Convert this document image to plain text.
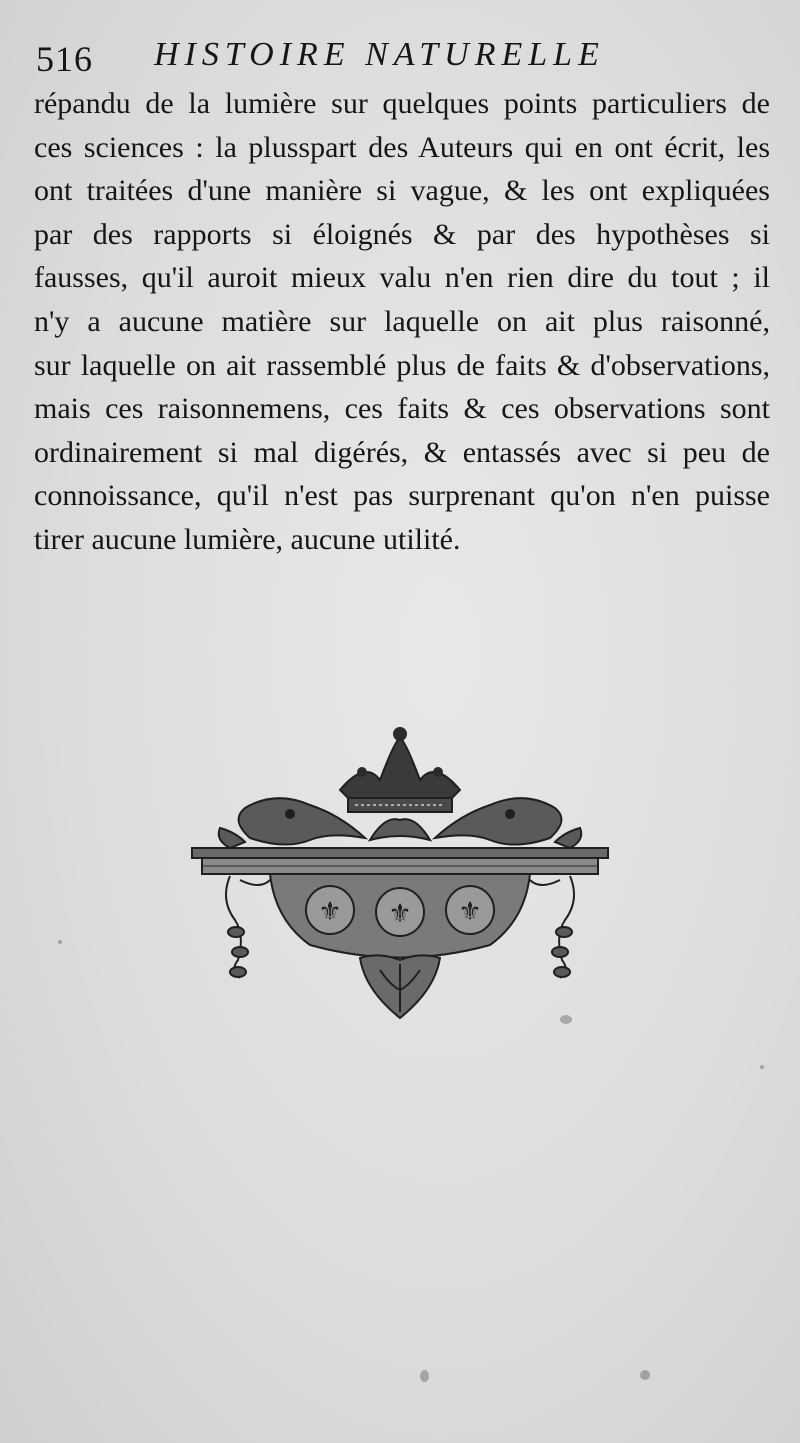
516 HISTOIRE NATURELLE
répandu de la lumière sur quelques points particuliers de
ces sciences : la plusspart des Auteurs qui en ont écrit, les
ont traitées d'une manière si vague, & les ont expliquées
par des rapports si éloignés & par des hypothèses si
fausses, qu'il auroit mieux valu n'en rien dire du tout ; il
n'y a aucune matière sur laquelle on ait plus raisonné,
sur laquelle on ait rassemblé plus de faits & d'observations,
mais ces raisonnemens, ces faits & ces observations sont
ordinairement si mal digérés, & entassés avec si peu de
connoissance, qu'il n'est pas surprenant qu'on n'en puisse
tirer aucune lumière, aucune utilité.
⚜ ⚜ ⚜
